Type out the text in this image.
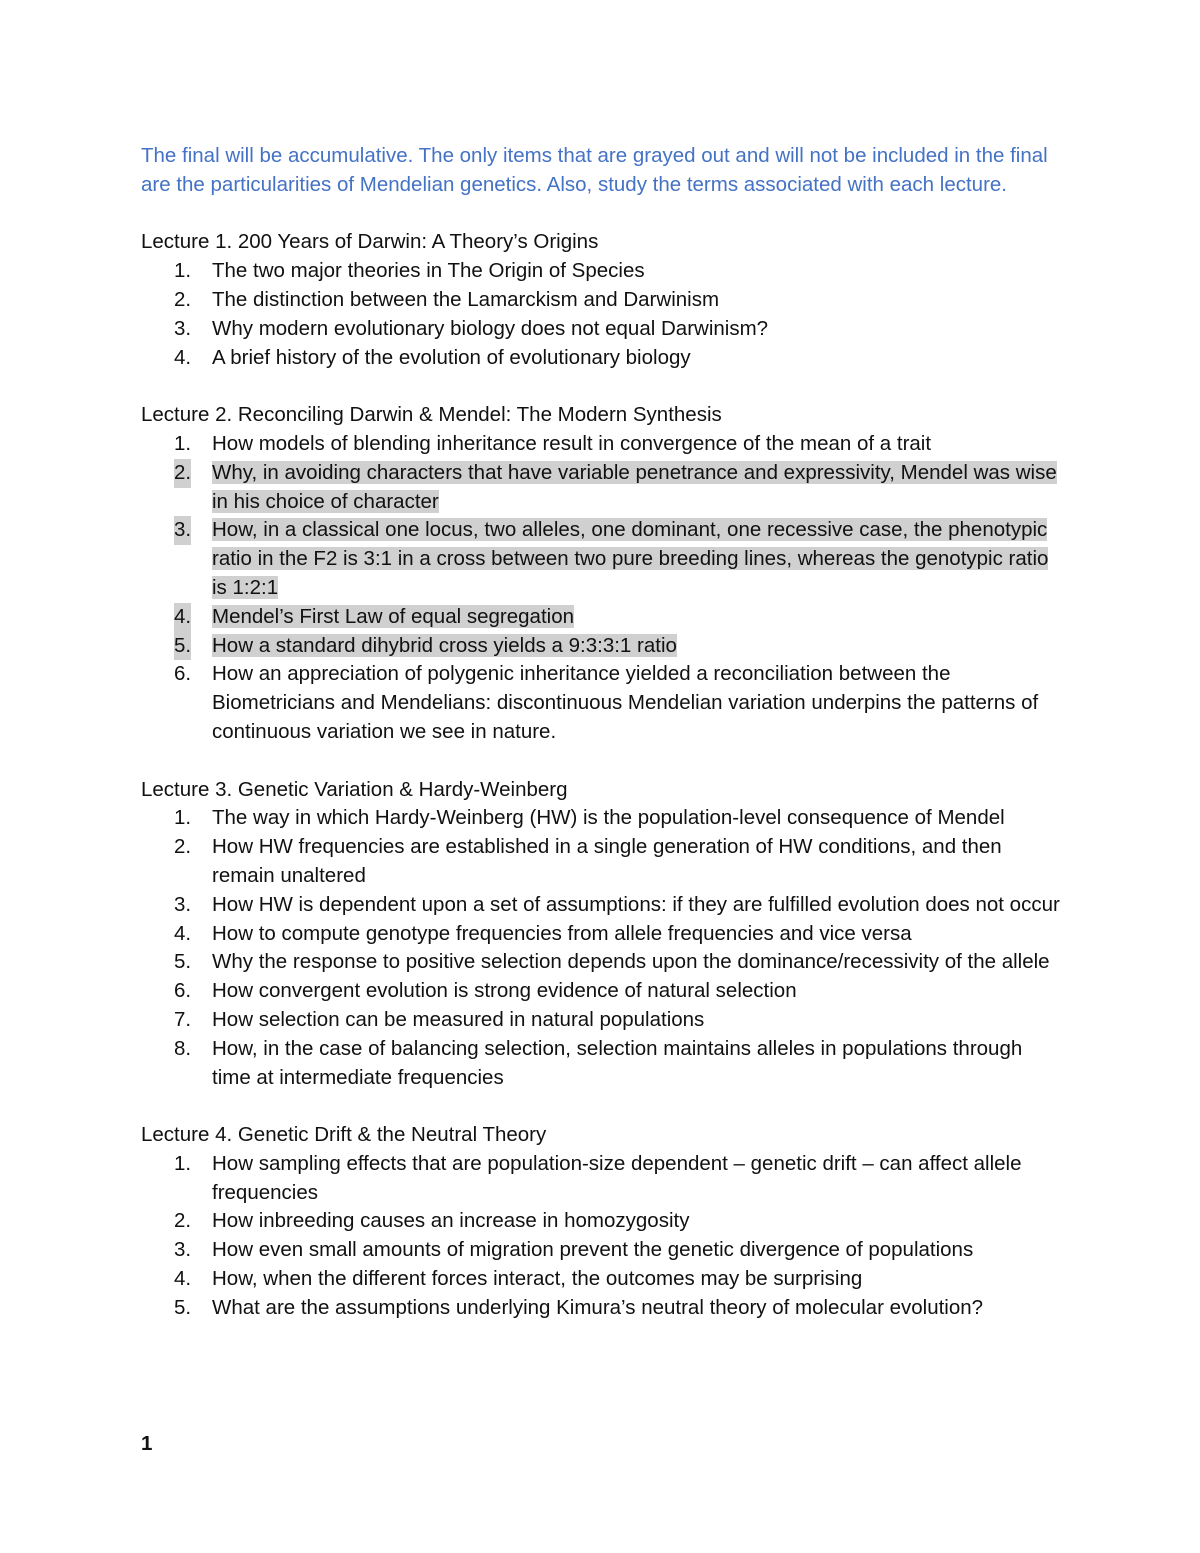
The final will be accumulative. The only items that are grayed out and will not be included in the final are the particularities of Mendelian genetics. Also, study the terms associated with each lecture.

Lecture 1. 200 Years of Darwin: A Theory’s Origins

1. The two major theories in The Origin of Species
2. The distinction between the Lamarckism and Darwinism
3. Why modern evolutionary biology does not equal Darwinism?
4. A brief history of the evolution of evolutionary biology

Lecture 2. Reconciling Darwin & Mendel: The Modern Synthesis

1. How models of blending inheritance result in convergence of the mean of a trait
2. Why, in avoiding characters that have variable penetrance and expressivity, Mendel was wise in his choice of character
3. How, in a classical one locus, two alleles, one dominant, one recessive case, the phenotypic ratio in the F2 is 3:1 in a cross between two pure breeding lines, whereas the genotypic ratio is 1:2:1
4. Mendel’s First Law of equal segregation
5. How a standard dihybrid cross yields a 9:3:3:1 ratio
6. How an appreciation of polygenic inheritance yielded a reconciliation between the Biometricians and Mendelians: discontinuous Mendelian variation underpins the patterns of continuous variation we see in nature.

Lecture 3. Genetic Variation & Hardy-Weinberg

1. The way in which Hardy-Weinberg (HW) is the population-level consequence of Mendel
2. How HW frequencies are established in a single generation of HW conditions, and then remain unaltered
3. How HW is dependent upon a set of assumptions: if they are fulfilled evolution does not occur
4. How to compute genotype frequencies from allele frequencies and vice versa
5. Why the response to positive selection depends upon the dominance/recessivity of the allele
6. How convergent evolution is strong evidence of natural selection
7. How selection can be measured in natural populations
8. How, in the case of balancing selection, selection maintains alleles in populations through time at intermediate frequencies

Lecture 4. Genetic Drift & the Neutral Theory

1. How sampling effects that are population-size dependent – genetic drift – can affect allele frequencies
2. How inbreeding causes an increase in homozygosity
3. How even small amounts of migration prevent the genetic divergence of populations
4. How, when the different forces interact, the outcomes may be surprising
5. What are the assumptions underlying Kimura’s neutral theory of molecular evolution?
1
